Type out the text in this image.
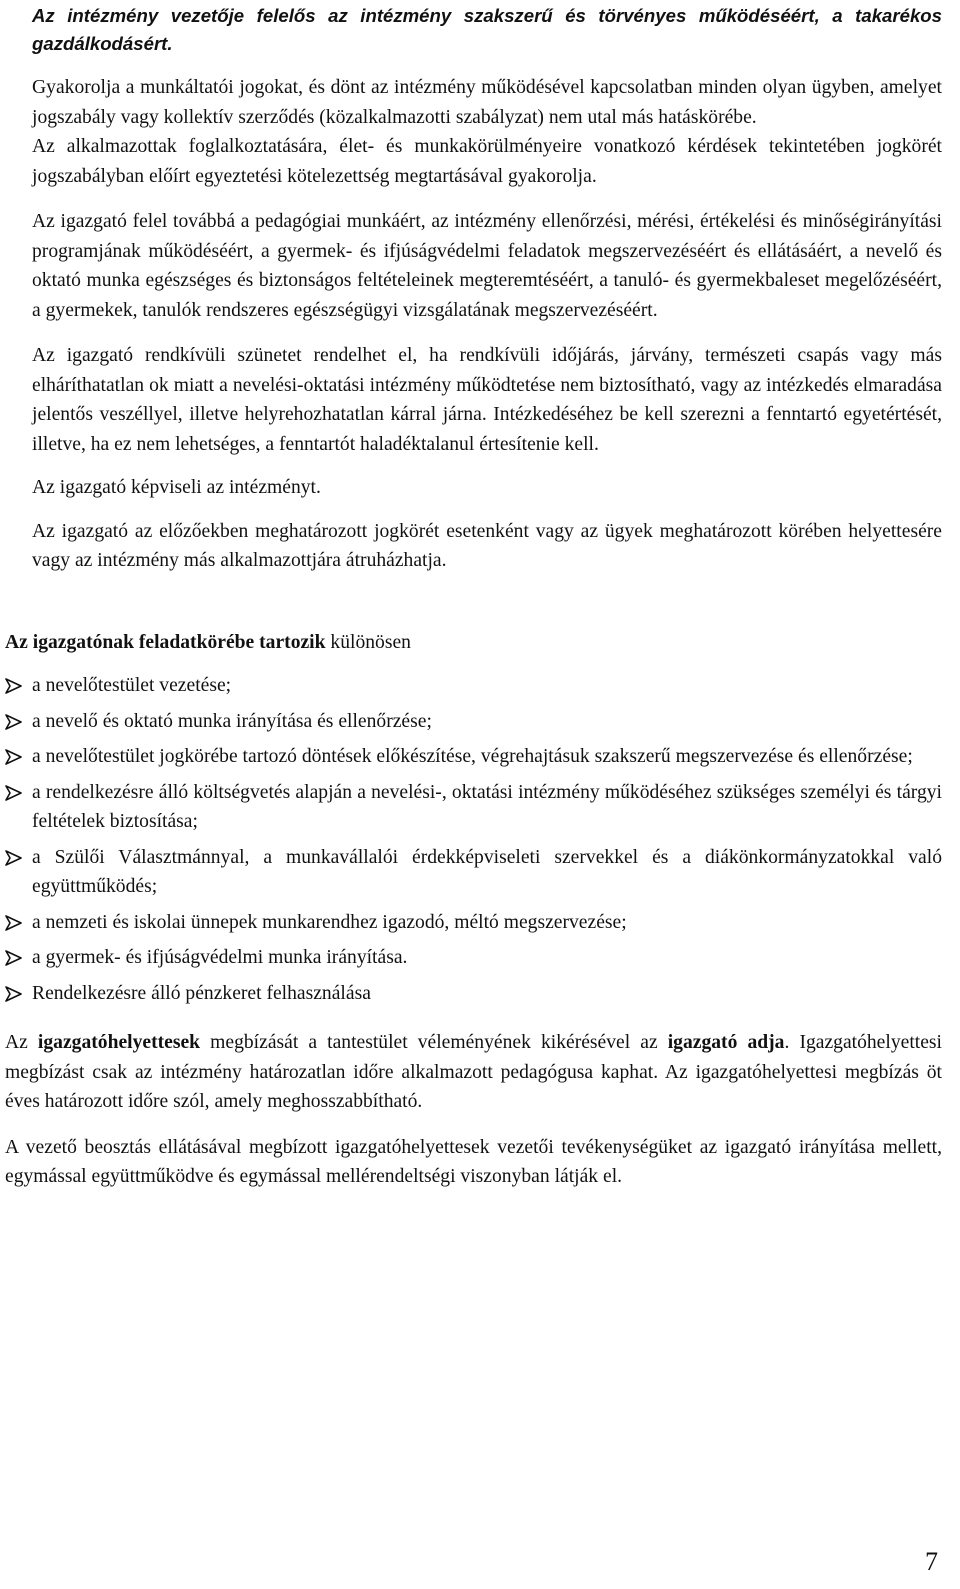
Az intézmény vezetője felelős az intézmény szakszerű és törvényes működéséért, a takarékos gazdálkodásért.

Gyakorolja a munkáltatói jogokat, és dönt az intézmény működésével kapcsolatban minden olyan ügyben, amelyet jogszabály vagy kollektív szerződés (közalkalmazotti szabályzat) nem utal más hatáskörébe.

Az alkalmazottak foglalkoztatására, élet- és munkakörülményeire vonatkozó kérdések tekintetében jogkörét jogszabályban előírt egyeztetési kötelezettség megtartásával gyakorolja.

Az igazgató felel továbbá a pedagógiai munkáért, az intézmény ellenőrzési, mérési, értékelési és minőségirányítási programjának működéséért, a gyermek- és ifjúságvédelmi feladatok megszervezéséért és ellátásáért, a nevelő és oktató munka egészséges és biztonságos feltételeinek megteremtéséért, a tanuló- és gyermekbaleset megelőzéséért, a gyermekek, tanulók rendszeres egészségügyi vizsgálatának megszervezéséért.

Az igazgató rendkívüli szünetet rendelhet el, ha rendkívüli időjárás, járvány, természeti csapás vagy más elháríthatatlan ok miatt a nevelési-oktatási intézmény működtetése nem biztosítható, vagy az intézkedés elmaradása jelentős veszéllyel, illetve helyrehozhatatlan kárral járna. Intézkedéséhez be kell szerezni a fenntartó egyetértését, illetve, ha ez nem lehetséges, a fenntartót haladéktalanul értesítenie kell.

Az igazgató képviseli az intézményt.

Az igazgató az előzőekben meghatározott jogkörét esetenként vagy az ügyek meghatározott körében helyettesére vagy az intézmény más alkalmazottjára átruházhatja.

Az igazgatónak feladatkörébe tartozik különösen

a nevelőtestület vezetése;
a nevelő és oktató munka irányítása és ellenőrzése;
a nevelőtestület jogkörébe tartozó döntések előkészítése, végrehajtásuk szakszerű megszervezése és ellenőrzése;
a rendelkezésre álló költségvetés alapján a nevelési-, oktatási intézmény működéséhez szükséges személyi és tárgyi feltételek biztosítása;
a Szülői Választmánnyal, a munkavállalói érdekképviseleti szervekkel és a diákönkormányzatokkal való együttműködés;
a nemzeti és iskolai ünnepek munkarendhez igazodó, méltó megszervezése;
a gyermek- és ifjúságvédelmi munka irányítása.
Rendelkezésre álló pénzkeret felhasználása

Az igazgatóhelyettesek megbízását a tantestület véleményének kikérésével az igazgató adja. Igazgatóhelyettesi megbízást csak az intézmény határozatlan időre alkalmazott pedagógusa kaphat. Az igazgatóhelyettesi megbízás öt éves határozott időre szól, amely meghosszabbítható.

A vezető beosztás ellátásával megbízott igazgatóhelyettesek vezetői tevékenységüket az igazgató irányítása mellett, egymással együttműködve és egymással mellérendeltségi viszonyban látják el.

7
